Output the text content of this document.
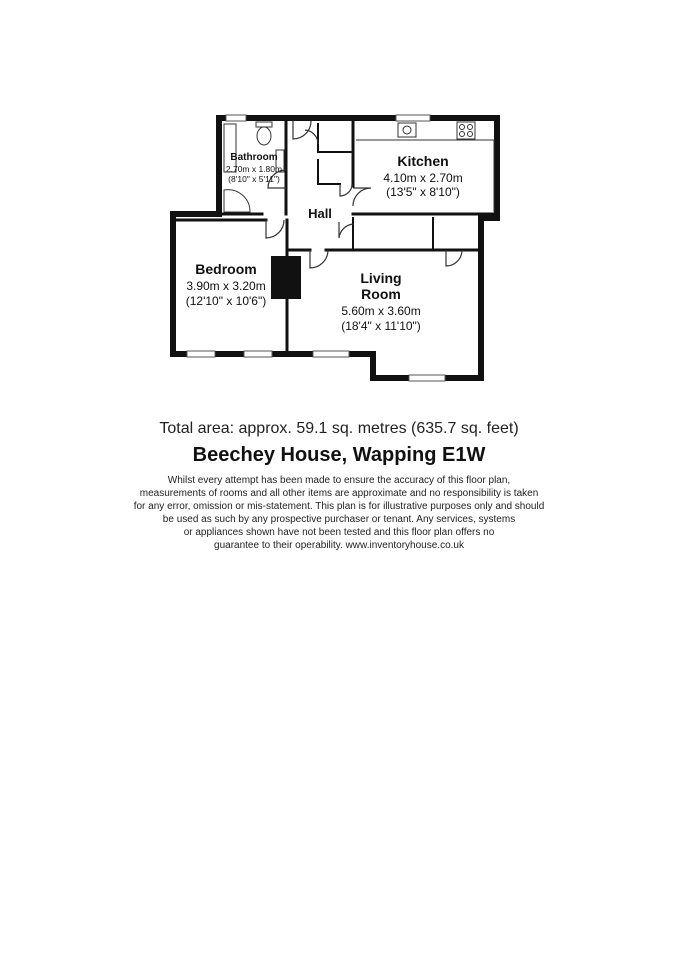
Bathroom
2.70m x 1.80m
(8'10" x 5'11")
Kitchen
4.10m x 2.70m
(13'5" x 8'10")
Hall
Bedroom
3.90m x 3.20m
(12'10" x 10'6")
Living
Room
5.60m x 3.60m
(18'4" x 11'10")
Total area: approx. 59.1 sq. metres (635.7 sq. feet)
Beechey House, Wapping E1W
Whilst every attempt has been made to ensure the accuracy of this floor plan,
measurements of rooms and all other items are approximate and no responsibility is taken
for any error, omission or mis-statement. This plan is for illustrative purposes only and should
be used as such by any prospective purchaser or tenant. Any services, systems
or appliances shown have not been tested and this floor plan offers no
guarantee to their operability. www.inventoryhouse.co.uk
